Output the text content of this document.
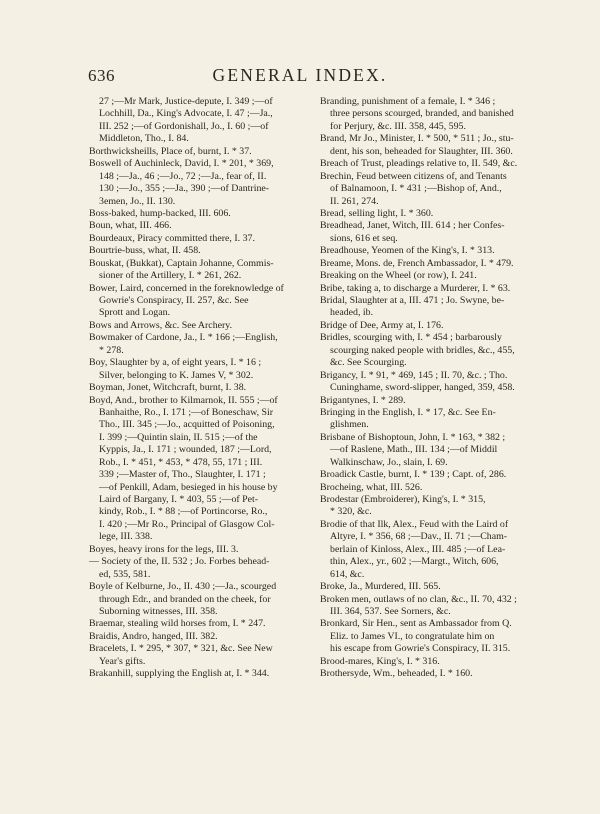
636	GENERAL INDEX.
27 ;—Mr Mark, Justice-depute, I. 349 ;—of
Lochhill, Da., King's Advocate, I. 47 ;—Ja.,
III. 252 ;—of Gordonishall, Jo., I. 60 ;—of
Middleton, Tho., I. 84.
Borthwicksheills, Place of, burnt, I. * 37.
Boswell of Auchinleck, David, I. * 201, * 369,
148 ;—Ja., 46 ;—Jo., 72 ;—Ja., fear of, II.
130 ;—Jo., 355 ;—Ja., 390 ;—of Dantrine-
3emen, Jo., II. 130.
Boss-baked, hump-backed, III. 606.
Boun, what, III. 466.
Bourdeaux, Piracy committed there, I. 37.
Bourtrie-buss, what, II. 458.
Bouskat, (Bukkat), Captain Johanne, Commis-
sioner of the Artillery, I. * 261, 262.
Bower, Laird, concerned in the foreknowledge of
Gowrie's Conspiracy, II. 257, &c. See
Sprott and Logan.
Bows and Arrows, &c. See Archery.
Bowmaker of Cardone, Ja., I. * 166 ;—English,
* 278.
Boy, Slaughter by a, of eight years, I. * 16 ;
Silver, belonging to K. James V, * 302.
Boyman, Jonet, Witchcraft, burnt, I. 38.
Boyd, And., brother to Kilmarnok, II. 555 ;—of
Banhaithe, Ro., I. 171 ;—of Boneschaw, Sir
Tho., III. 345 ;—Jo., acquitted of Poisoning,
I. 399 ;—Quintin slain, II. 515 ;—of the
Kyppis, Ja., I. 171 ; wounded, 187 ;—Lord,
Rob., I. * 451, * 453, * 478, 55, 171 ; III.
339 ;—Master of, Tho., Slaughter, I. 171 ;
—of Penkill, Adam, besieged in his house by
Laird of Bargany, I. * 403, 55 ;—of Pet-
kindy, Rob., I. * 88 ;—of Portincorse, Ro.,
I. 420 ;—Mr Ro., Principal of Glasgow Col-
lege, III. 338.
Boyes, heavy irons for the legs, III. 3.
— Society of the, II. 532 ; Jo. Forbes behead-
ed, 535, 581.
Boyle of Kelburne, Jo., II. 430 ;—Ja., scourged
through Edr., and branded on the cheek, for
Suborning witnesses, III. 358.
Braemar, stealing wild horses from, I. * 247.
Braidis, Andro, hanged, III. 382.
Bracelets, I. * 295, * 307, * 321, &c. See New
Year's gifts.
Brakanhill, supplying the English at, I. * 344.
Branding, punishment of a female, I. * 346 ;
three persons scourged, branded, and banished
for Perjury, &c. III. 358, 445, 595.
Brand, Mr Jo., Minister, I. * 500, * 511 ; Jo., stu-
dent, his son, beheaded for Slaughter, III. 360.
Breach of Trust, pleadings relative to, II. 549, &c.
Brechin, Feud between citizens of, and Tenants
of Balnamoon, I. * 431 ;—Bishop of, And.,
II. 261, 274.
Bread, selling light, I. * 360.
Breadhead, Janet, Witch, III. 614 ; her Confes-
sions, 616 et seq.
Breadhouse, Yeomen of the King's, I. * 313.
Breame, Mons. de, French Ambassador, I. * 479.
Breaking on the Wheel (or row), I. 241.
Bribe, taking a, to discharge a Murderer, I. * 63.
Bridal, Slaughter at a, III. 471 ; Jo. Swyne, be-
headed, ib.
Bridge of Dee, Army at, I. 176.
Bridles, scourging with, I. * 454 ; barbarously
scourging naked people with bridles, &c., 455,
&c. See Scourging.
Brigancy, I. * 91, * 469, 145 ; II. 70, &c. ; Tho.
Cuninghame, sword-slipper, hanged, 359, 458.
Brigantynes, I. * 289.
Bringing in the English, I. * 17, &c. See En-
glishmen.
Brisbane of Bishoptoun, John, I. * 163, * 382 ;
—of Raslene, Math., III. 134 ;—of Middil
Walkinschaw, Jo., slain, I. 69.
Broadick Castle, burnt, I. * 139 ; Capt. of, 286.
Brocheing, what, III. 526.
Brodestar (Embroiderer), King's, I. * 315,
* 320, &c.
Brodie of that Ilk, Alex., Feud with the Laird of
Altyre, I. * 356, 68 ;—Dav., II. 71 ;—Cham-
berlain of Kinloss, Alex., III. 485 ;—of Lea-
thin, Alex., yr., 602 ;—Margt., Witch, 606,
614, &c.
Broke, Ja., Murdered, III. 565.
Broken men, outlaws of no clan, &c., II. 70, 432 ;
III. 364, 537. See Sorners, &c.
Bronkard, Sir Hen., sent as Ambassador from Q.
Eliz. to James VI., to congratulate him on
his escape from Gowrie's Conspiracy, II. 315.
Brood-mares, King's, I. * 316.
Brothersyde, Wm., beheaded, I. * 160.
